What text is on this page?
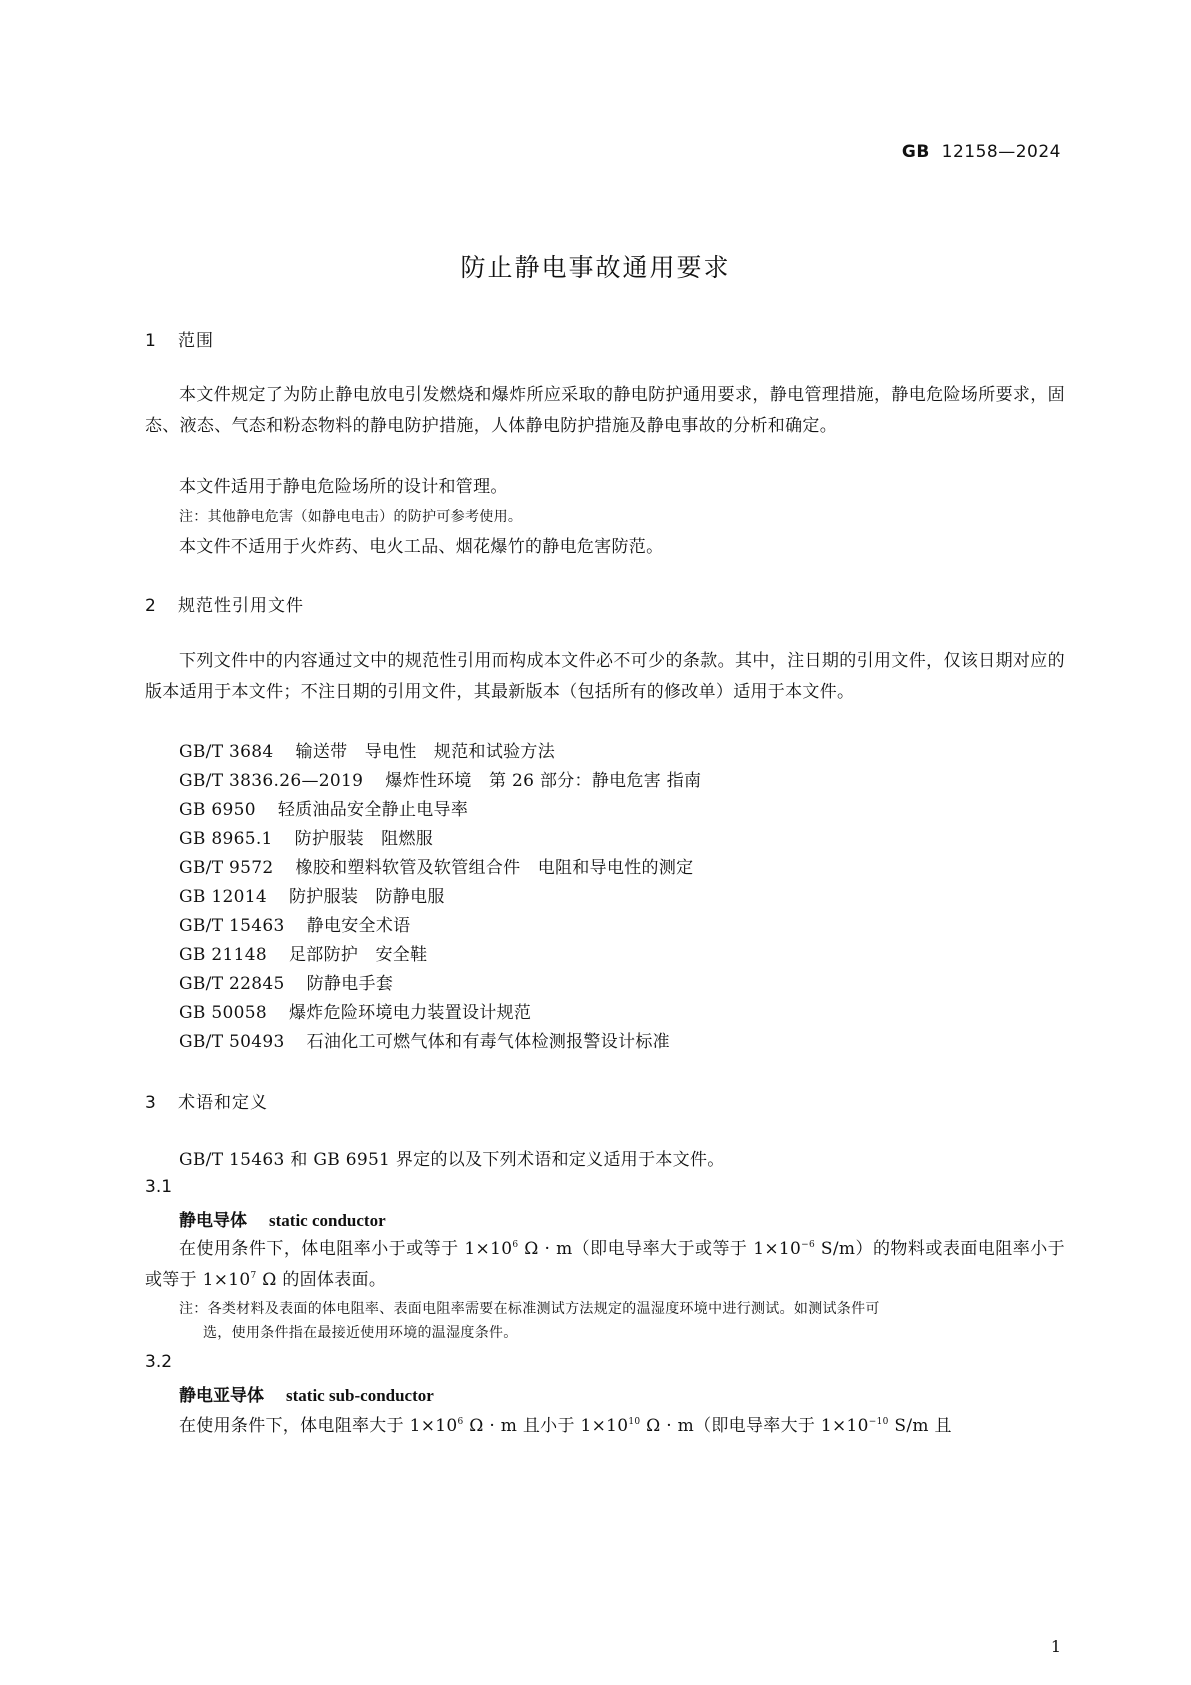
GB 12158—2024
防止静电事故通用要求
1 范围

本文件规定了为防止静电放电引发燃烧和爆炸所应采取的静电防护通用要求，静电管理措施，静电危险场所要求，固态、液态、气态和粉态物料的静电防护措施，人体静电防护措施及静电事故的分析和确定。

本文件适用于静电危险场所的设计和管理。
注：其他静电危害（如静电电击）的防护可参考使用。
本文件不适用于火炸药、电火工品、烟花爆竹的静电危害防范。
2 规范性引用文件

下列文件中的内容通过文中的规范性引用而构成本文件必不可少的条款。其中，注日期的引用文件，仅该日期对应的版本适用于本文件；不注日期的引用文件，其最新版本（包括所有的修改单）适用于本文件。

GB/T 3684 输送带　导电性　规范和试验方法
GB/T 3836.26—2019 爆炸性环境　第 26 部分：静电危害 指南
GB 6950 轻质油品安全静止电导率
GB 8965.1 防护服装　阻燃服
GB/T 9572 橡胶和塑料软管及软管组合件　电阻和导电性的测定
GB 12014 防护服装　防静电服
GB/T 15463 静电安全术语
GB 21148 足部防护　安全鞋
GB/T 22845 防静电手套
GB 50058 爆炸危险环境电力装置设计规范
GB/T 50493 石油化工可燃气体和有毒气体检测报警设计标准
3 术语和定义
GB/T 15463 和 GB 6951 界定的以及下列术语和定义适用于本文件。
3.1
静电导体 static conductor

在使用条件下，体电阻率小于或等于 $1\times 10^6$ Ω · m（即电导率大于或等于 $1\times 10^{-6}$ S/m）的物料或表面电阻率小于或等于 $1\times 10^7$ Ω 的固体表面。

注：各类材料及表面的体电阻率、表面电阻率需要在标准测试方法规定的温湿度环境中进行测试。如测试条件可
选，使用条件指在最接近使用环境的温湿度条件。
3.2
静电亚导体 static sub-conductor
在使用条件下，体电阻率大于 $1\times 10^6$ Ω · m 且小于 $1\times 10^{10}$ Ω · m（即电导率大于 $1\times 10^{-10}$ S/m 且
1
